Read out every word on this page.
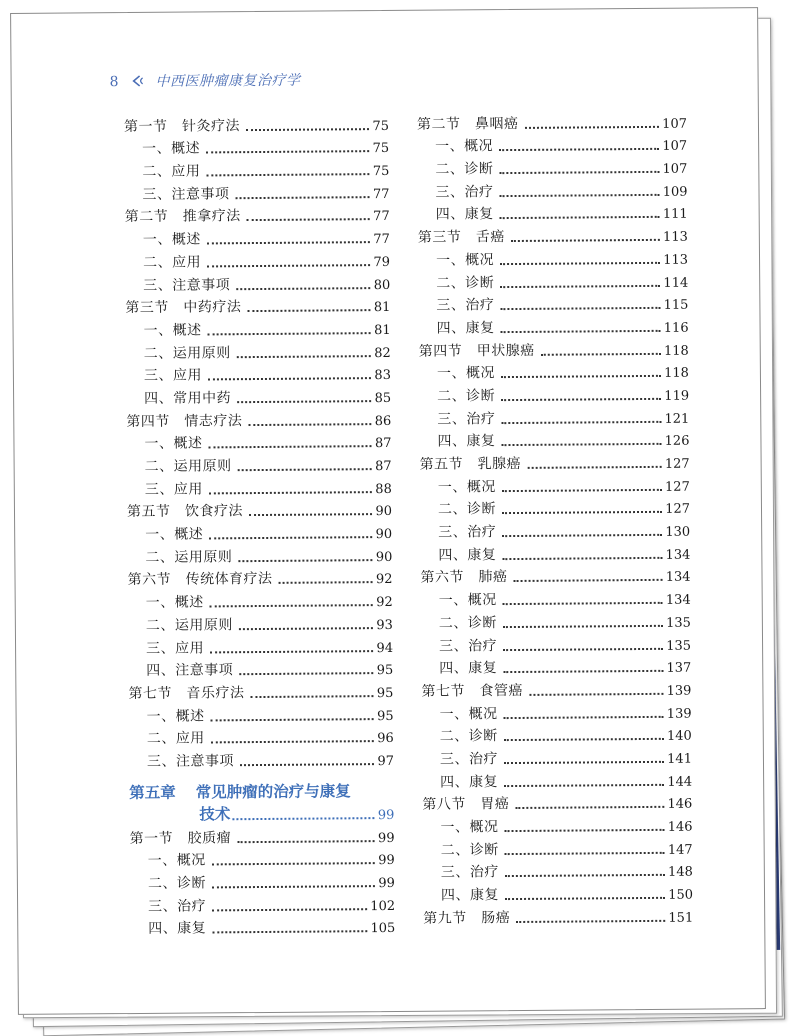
8	中西医肿瘤康复治疗学
第一节　针灸疗法	75
一、概述	75
二、应用	75
三、注意事项	77
第二节　推拿疗法	77
一、概述	77
二、应用	79
三、注意事项	80
第三节　中药疗法	81
一、概述	81
二、运用原则	82
三、应用	83
四、常用中药	85
第四节　情志疗法	86
一、概述	87
二、运用原则	87
三、应用	88
第五节　饮食疗法	90
一、概述	90
二、运用原则	90
第六节　传统体育疗法	92
一、概述	92
二、运用原则	93
三、应用	94
四、注意事项	95
第七节　音乐疗法	95
一、概述	95
二、应用	96
三、注意事项	97
第五章 常见肿瘤的治疗与康复
技术	99
第一节　胶质瘤	99
一、概况	99
二、诊断	99
三、治疗	102
四、康复	105
第二节　鼻咽癌	107
一、概况	107
二、诊断	107
三、治疗	109
四、康复	111
第三节　舌癌	113
一、概况	113
二、诊断	114
三、治疗	115
四、康复	116
第四节　甲状腺癌	118
一、概况	118
二、诊断	119
三、治疗	121
四、康复	126
第五节　乳腺癌	127
一、概况	127
二、诊断	127
三、治疗	130
四、康复	134
第六节　肺癌	134
一、概况	134
二、诊断	135
三、治疗	135
四、康复	137
第七节　食管癌	139
一、概况	139
二、诊断	140
三、治疗	141
四、康复	144
第八节　胃癌	146
一、概况	146
二、诊断	147
三、治疗	148
四、康复	150
第九节　肠癌	151
